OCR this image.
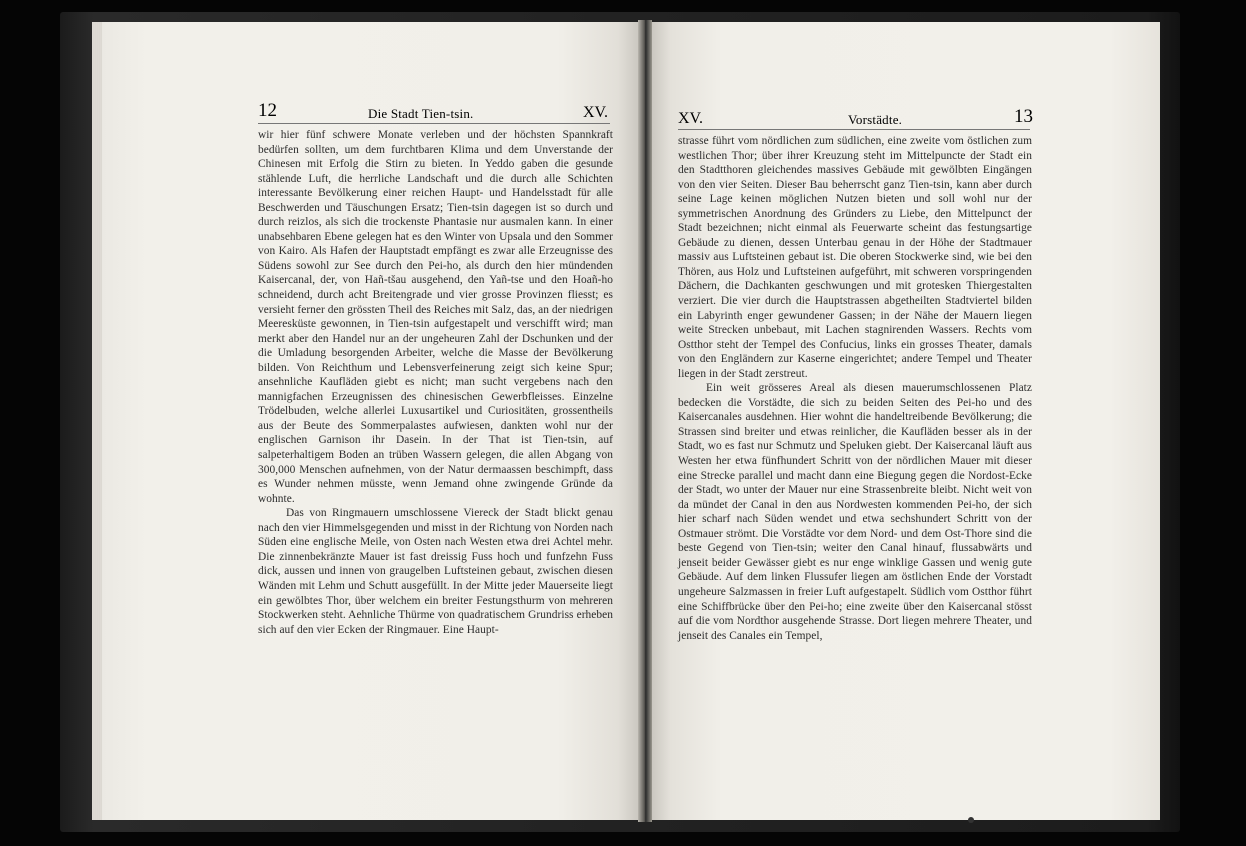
12	Die Stadt Tien-tsin.	XV.

wir hier fünf schwere Monate verleben und der höchsten Spannkraft bedürfen sollten, um dem furchtbaren Klima und dem Unverstande der Chinesen mit Erfolg die Stirn zu bieten. In Yeddo gaben die gesunde stählende Luft, die herrliche Landschaft und die durch alle Schichten interessante Bevölkerung einer reichen Haupt- und Handelsstadt für alle Beschwerden und Täuschungen Ersatz; Tien-tsin dagegen ist so durch und durch reizlos, als sich die trockenste Phantasie nur ausmalen kann. In einer unabsehbaren Ebene gelegen hat es den Winter von Upsala und den Sommer von Kairo. Als Hafen der Hauptstadt empfängt es zwar alle Erzeugnisse des Südens sowohl zur See durch den Pei-ho, als durch den hier mündenden Kaisercanal, der, von Hañ-tšau ausgehend, den Yañ-tse und den Hoañ-ho schneidend, durch acht Breitengrade und vier grosse Provinzen fliesst; es versieht ferner den grössten Theil des Reiches mit Salz, das, an der niedrigen Meeresküste gewonnen, in Tien-tsin aufgestapelt und verschifft wird; man merkt aber den Handel nur an der ungeheuren Zahl der Dschunken und der die Umladung besorgenden Arbeiter, welche die Masse der Bevölkerung bilden. Von Reichthum und Lebensverfeinerung zeigt sich keine Spur; ansehnliche Kaufläden giebt es nicht; man sucht vergebens nach den mannigfachen Erzeugnissen des chinesischen Gewerbfleisses. Einzelne Trödelbuden, welche allerlei Luxusartikel und Curiositäten, grossentheils aus der Beute des Sommerpalastes aufwiesen, dankten wohl nur der englischen Garnison ihr Dasein. In der That ist Tien-tsin, auf salpeterhaltigem Boden an trüben Wassern gelegen, die allen Abgang von 300,000 Menschen aufnehmen, von der Natur dermaassen beschimpft, dass es Wunder nehmen müsste, wenn Jemand ohne zwingende Gründe da wohnte.

Das von Ringmauern umschlossene Viereck der Stadt blickt genau nach den vier Himmelsgegenden und misst in der Richtung von Norden nach Süden eine englische Meile, von Osten nach Westen etwa drei Achtel mehr. Die zinnenbekränzte Mauer ist fast dreissig Fuss hoch und funfzehn Fuss dick, aussen und innen von graugelben Luftsteinen gebaut, zwischen diesen Wänden mit Lehm und Schutt ausgefüllt. In der Mitte jeder Mauerseite liegt ein gewölbtes Thor, über welchem ein breiter Festungsthurm von mehreren Stockwerken steht. Aehnliche Thürme von quadratischem Grundriss erheben sich auf den vier Ecken der Ringmauer. Eine Haupt-

XV.	Vorstädte.	13

strasse führt vom nördlichen zum südlichen, eine zweite vom östlichen zum westlichen Thor; über ihrer Kreuzung steht im Mittelpuncte der Stadt ein den Stadtthoren gleichendes massives Gebäude mit gewölbten Eingängen von den vier Seiten. Dieser Bau beherrscht ganz Tien-tsin, kann aber durch seine Lage keinen möglichen Nutzen bieten und soll wohl nur der symmetrischen Anordnung des Gründers zu Liebe, den Mittelpunct der Stadt bezeichnen; nicht einmal als Feuerwarte scheint das festungsartige Gebäude zu dienen, dessen Unterbau genau in der Höhe der Stadtmauer massiv aus Luftsteinen gebaut ist. Die oberen Stockwerke sind, wie bei den Thören, aus Holz und Luftsteinen aufgeführt, mit schweren vorspringenden Dächern, die Dachkanten geschwungen und mit grotesken Thiergestalten verziert. Die vier durch die Hauptstrassen abgetheilten Stadtviertel bilden ein Labyrinth enger gewundener Gassen; in der Nähe der Mauern liegen weite Strecken unbebaut, mit Lachen stagnirenden Wassers. Rechts vom Ostthor steht der Tempel des Confucius, links ein grosses Theater, damals von den Engländern zur Kaserne eingerichtet; andere Tempel und Theater liegen in der Stadt zerstreut.

Ein weit grösseres Areal als diesen mauerumschlossenen Platz bedecken die Vorstädte, die sich zu beiden Seiten des Pei-ho und des Kaisercanales ausdehnen. Hier wohnt die handeltreibende Bevölkerung; die Strassen sind breiter und etwas reinlicher, die Kaufläden besser als in der Stadt, wo es fast nur Schmutz und Speluken giebt. Der Kaisercanal läuft aus Westen her etwa fünfhundert Schritt von der nördlichen Mauer mit dieser eine Strecke parallel und macht dann eine Biegung gegen die Nordost-Ecke der Stadt, wo unter der Mauer nur eine Strassenbreite bleibt. Nicht weit von da mündet der Canal in den aus Nordwesten kommenden Pei-ho, der sich hier scharf nach Süden wendet und etwa sechshundert Schritt von der Ostmauer strömt. Die Vorstädte vor dem Nord- und dem Ost-Thore sind die beste Gegend von Tien-tsin; weiter den Canal hinauf, flussabwärts und jenseit beider Gewässer giebt es nur enge winklige Gassen und wenig gute Gebäude. Auf dem linken Flussufer liegen am östlichen Ende der Vorstadt ungeheure Salzmassen in freier Luft aufgestapelt. Südlich vom Ostthor führt eine Schiffbrücke über den Pei-ho; eine zweite über den Kaisercanal stösst auf die vom Nordthor ausgehende Strasse. Dort liegen mehrere Theater, und jenseit des Canales ein Tempel,
